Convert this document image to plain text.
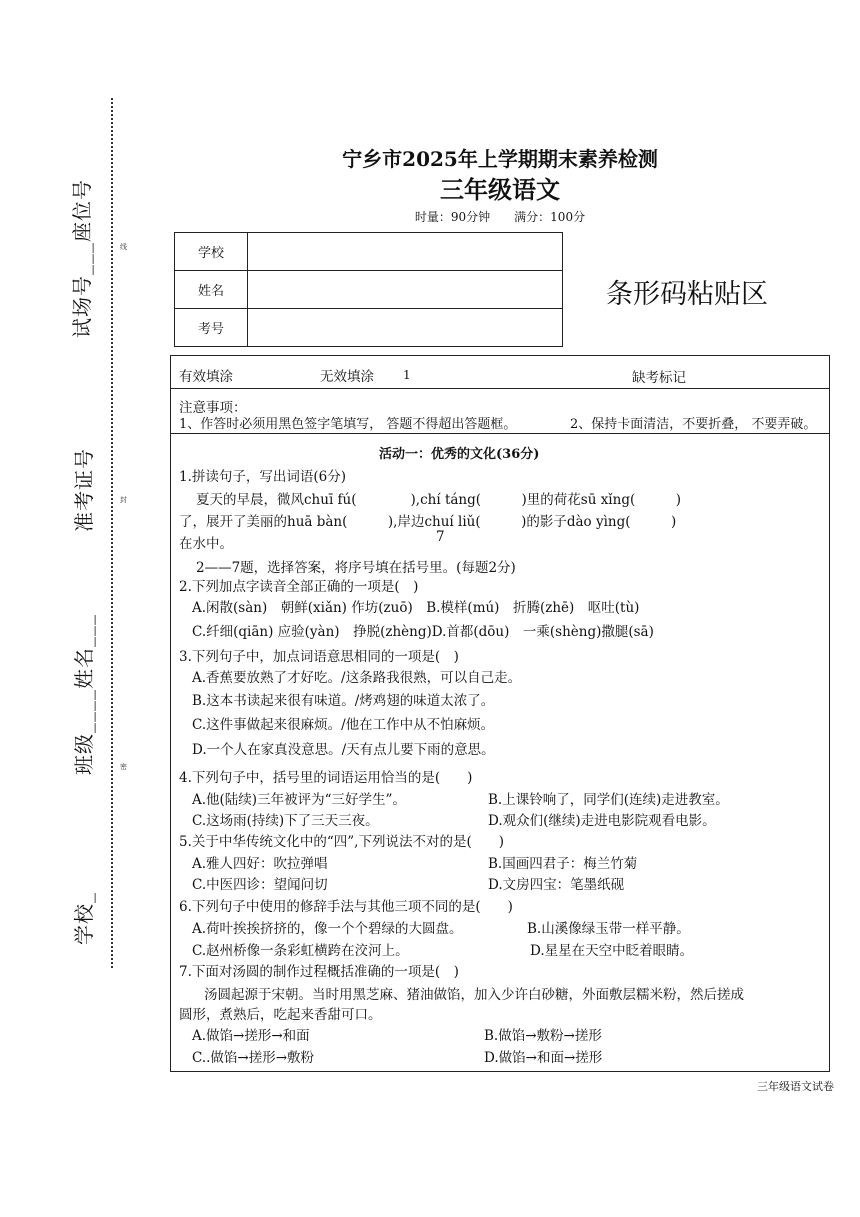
试场号___座位号
准考证号
班级____姓名___
学校_
线
封
密
宁乡市2025年上学期期末素养检测
三年级语文
时量：90分钟　　满分：100分
学校	
姓名	
考号	
条形码粘贴区
有效填涂	无效填涂 1	缺考标记
注意事项：
1、作答时必须用黑色签字笔填写， 答题不得超出答题框。	2、保持卡面清洁，不要折叠， 不要弄破。
活动一：优秀的文化(36分)
1.拼读句子，写出词语(6分)
夏天的早晨，微风chuī fú(　　　　),chí táng(　　　)里的荷花sū xǐng(　　　)
了，展开了美丽的huā bàn(　　　),岸边chuí liǔ(　　　)的影子dào yìng(　　　)
在水中。	7
2——7题，选择答案，将序号填在括号里。(每题2分)
2.下列加点字读音全部正确的一项是(　)
A.闲散(sàn)　朝鲜(xiǎn) 作坊(zuō)　B.模样(mú)　折腾(zhē)　呕吐(tù)
C.纤细(qiān) 应验(yàn)　挣脱(zhèng)D.首都(dōu)　一乘(shèng)撒腿(sā)
3.下列句子中，加点词语意思相同的一项是(　)
A.香蕉要放熟了才好吃。/这条路我很熟，可以自己走。
B.这本书读起来很有味道。/烤鸡翅的味道太浓了。
C.这件事做起来很麻烦。/他在工作中从不怕麻烦。
D.一个人在家真没意思。/天有点儿要下雨的意思。
4.下列句子中，括号里的词语运用恰当的是(　　)
A.他(陆续)三年被评为“三好学生”。	B.上课铃响了，同学们(连续)走进教室。
C.这场雨(持续)下了三天三夜。	D.观众们(继续)走进电影院观看电影。
5.关于中华传统文化中的“四”,下列说法不对的是(　　)
A.雅人四好：吹拉弹唱	B.国画四君子：梅兰竹菊
C.中医四诊：望闻问切	D.文房四宝：笔墨纸砚
6.下列句子中使用的修辞手法与其他三项不同的是(　　)
A.荷叶挨挨挤挤的，像一个个碧绿的大圆盘。	B.山溪像绿玉带一样平静。
C.赵州桥像一条彩虹横跨在洨河上。	D.星星在天空中眨着眼睛。
7.下面对汤圆的制作过程概括准确的一项是(　)
汤圆起源于宋朝。当时用黑芝麻、猪油做馅，加入少许白砂糖，外面敷层糯米粉，然后搓成
圆形，煮熟后，吃起来香甜可口。
A.做馅→搓形→和面	B.做馅→敷粉→搓形
C..做馅→搓形→敷粉	D.做馅→和面→搓形
三年级语文试卷
